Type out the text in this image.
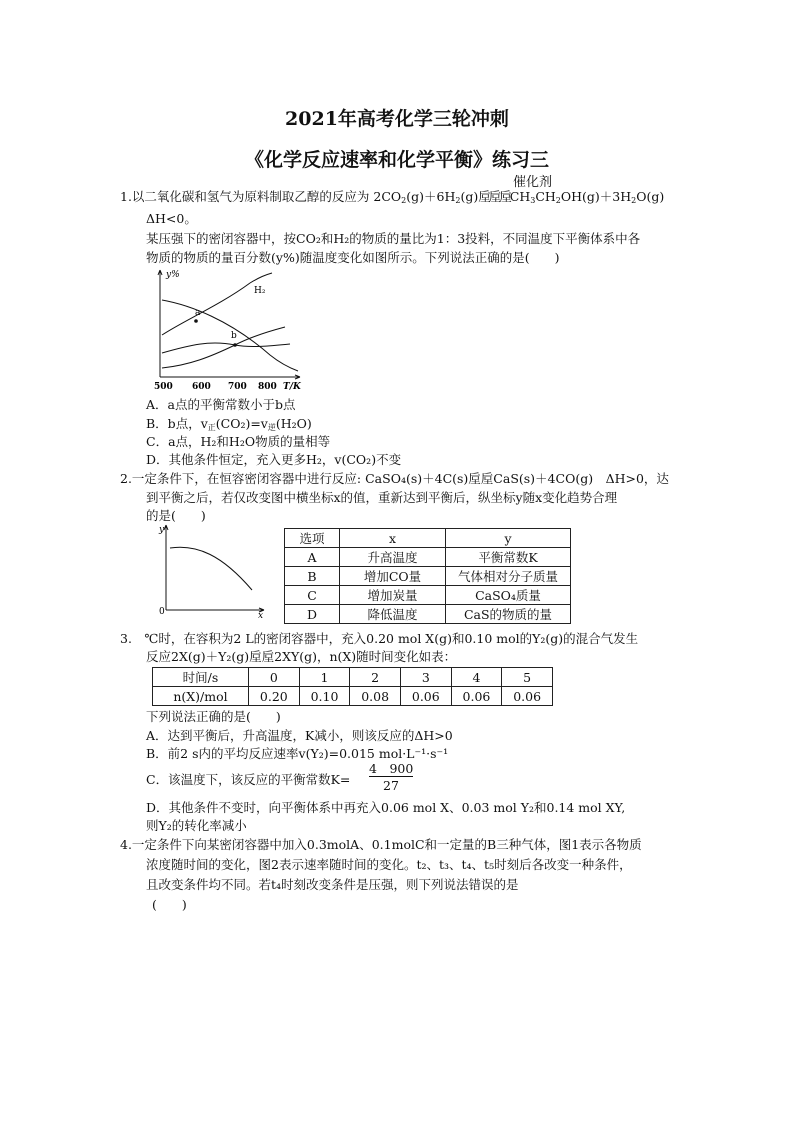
2021年高考化学三轮冲刺
《化学反应速率和化学平衡》练习三
催化剂
1.以二氧化碳和氢气为原料制取乙醇的反应为 $2CO_2(g)+6H_2(g)$垕垕垕$CH_3CH_2OH(g)+3H_2O(g)$
ΔH<0。
某压强下的密闭容器中，按CO₂和H₂的物质的量比为1：3投料，不同温度下平衡体系中各
物质的物质的量百分数(y%)随温度变化如图所示。下列说法正确的是(　　)
y%
H₂
a
b
500 600 700 800 T/K
A．a点的平衡常数小于b点
B．b点，$v_正(CO_2)=v_逆(H_2O)$
C．a点，H₂和H₂O物质的量相等
D．其他条件恒定，充入更多H₂，v(CO₂)不变
2.一定条件下，在恒容密闭容器中进行反应: CaSO₄(s)＋4C(s)垕垕CaS(s)＋4CO(g)　ΔH>0，达
到平衡之后，若仅改变图中横坐标x的值，重新达到平衡后，纵坐标y随x变化趋势合理
的是(　　)
y
0	x
选项	x	y
A	升高温度	平衡常数K
B	增加CO量	气体相对分子质量
C	增加炭量	CaSO₄质量
D	降低温度	CaS的物质的量
3.　℃时，在容积为2 L的密闭容器中，充入0.20 mol X(g)和0.10 mol的Y₂(g)的混合气发生
反应2X(g)＋Y₂(g)垕垕2XY(g)，n(X)随时间变化如表：
时间/s	0	1	2	3	4	5
n(X)/mol	0.20	0.10	0.08	0.06	0.06	0.06
下列说法正确的是(　　)
A．达到平衡后，升高温度，K减小，则该反应的ΔH>0
B．前2 s内的平均反应速率v(Y₂)=0.015 mol·L⁻¹·s⁻¹
C．该温度下，该反应的平衡常数K=
4　900
27
D．其他条件不变时，向平衡体系中再充入0.06 mol X、0.03 mol Y₂和0.14 mol XY,
则Y₂的转化率减小
4.一定条件下向某密闭容器中加入0.3molA、0.1molC和一定量的B三种气体，图1表示各物质
浓度随时间的变化，图2表示速率随时间的变化。t₂、t₃、t₄、t₅时刻后各改变一种条件，
且改变条件均不同。若t₄时刻改变条件是压强，则下列说法错误的是
(　　)
